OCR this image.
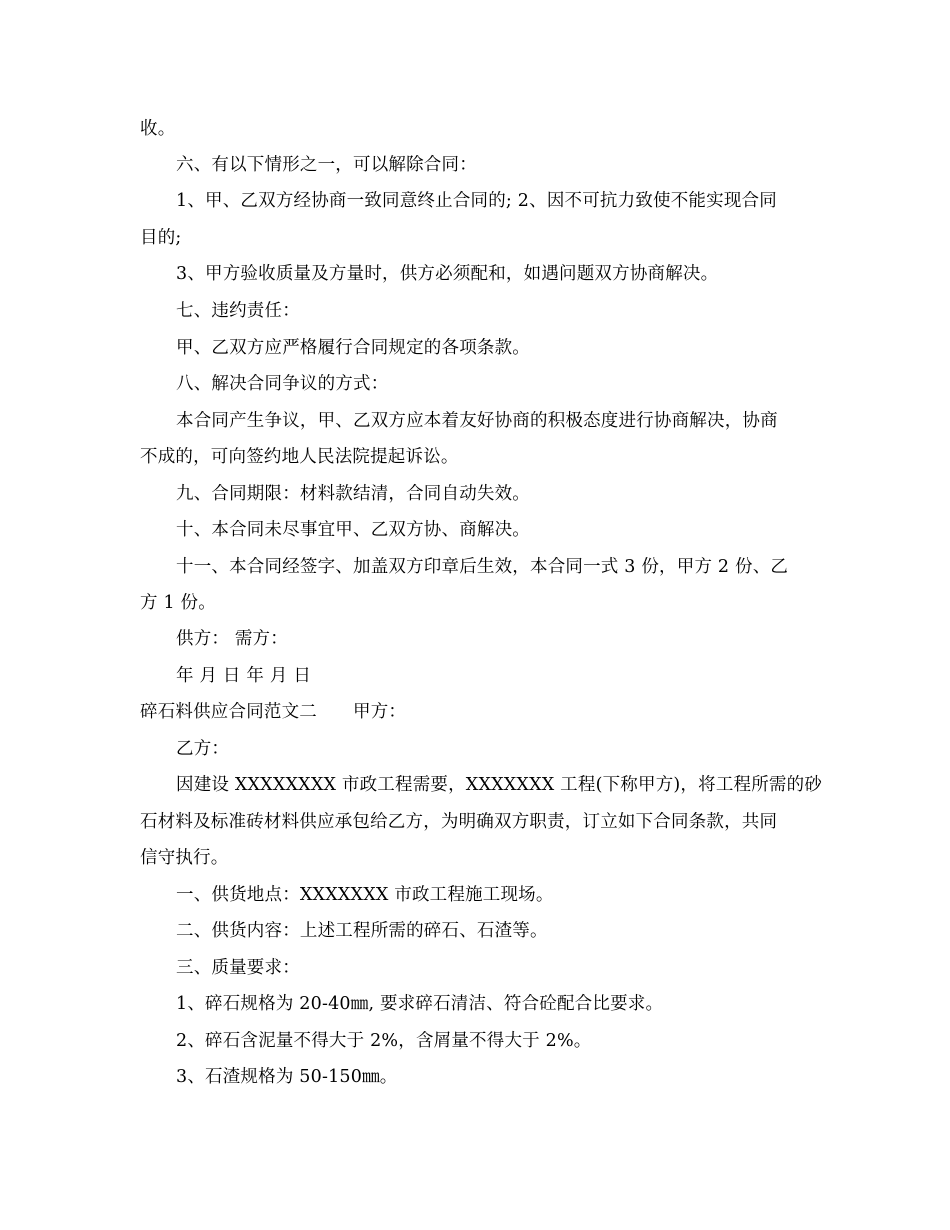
收。
六、有以下情形之一，可以解除合同：
1、甲、乙双方经协商一致同意终止合同的; 2、因不可抗力致使不能实现合同
目的;
3、甲方验收质量及方量时，供方必须配和，如遇问题双方协商解决。
七、违约责任：
甲、乙双方应严格履行合同规定的各项条款。
八、解决合同争议的方式：
本合同产生争议，甲、乙双方应本着友好协商的积极态度进行协商解决，协商
不成的，可向签约地人民法院提起诉讼。
九、合同期限：材料款结清，合同自动失效。
十、本合同未尽事宜甲、乙双方协、商解决。
十一、本合同经签字、加盖双方印章后生效，本合同一式 3 份，甲方 2 份、乙
方 1 份。
供方： 需方：
年 月 日 年 月 日
碎石料供应合同范文二 甲方：
乙方：
因建设 XXXXXXXX 市政工程需要，XXXXXXX 工程(下称甲方)，将工程所需的砂
石材料及标准砖材料供应承包给乙方，为明确双方职责，订立如下合同条款，共同
信守执行。
一、供货地点：XXXXXXX 市政工程施工现场。
二、供货内容：上述工程所需的碎石、石渣等。
三、质量要求：
1、碎石规格为 20-40㎜, 要求碎石清洁、符合砼配合比要求。
2、碎石含泥量不得大于 2%，含屑量不得大于 2%。
3、石渣规格为 50-150㎜。
